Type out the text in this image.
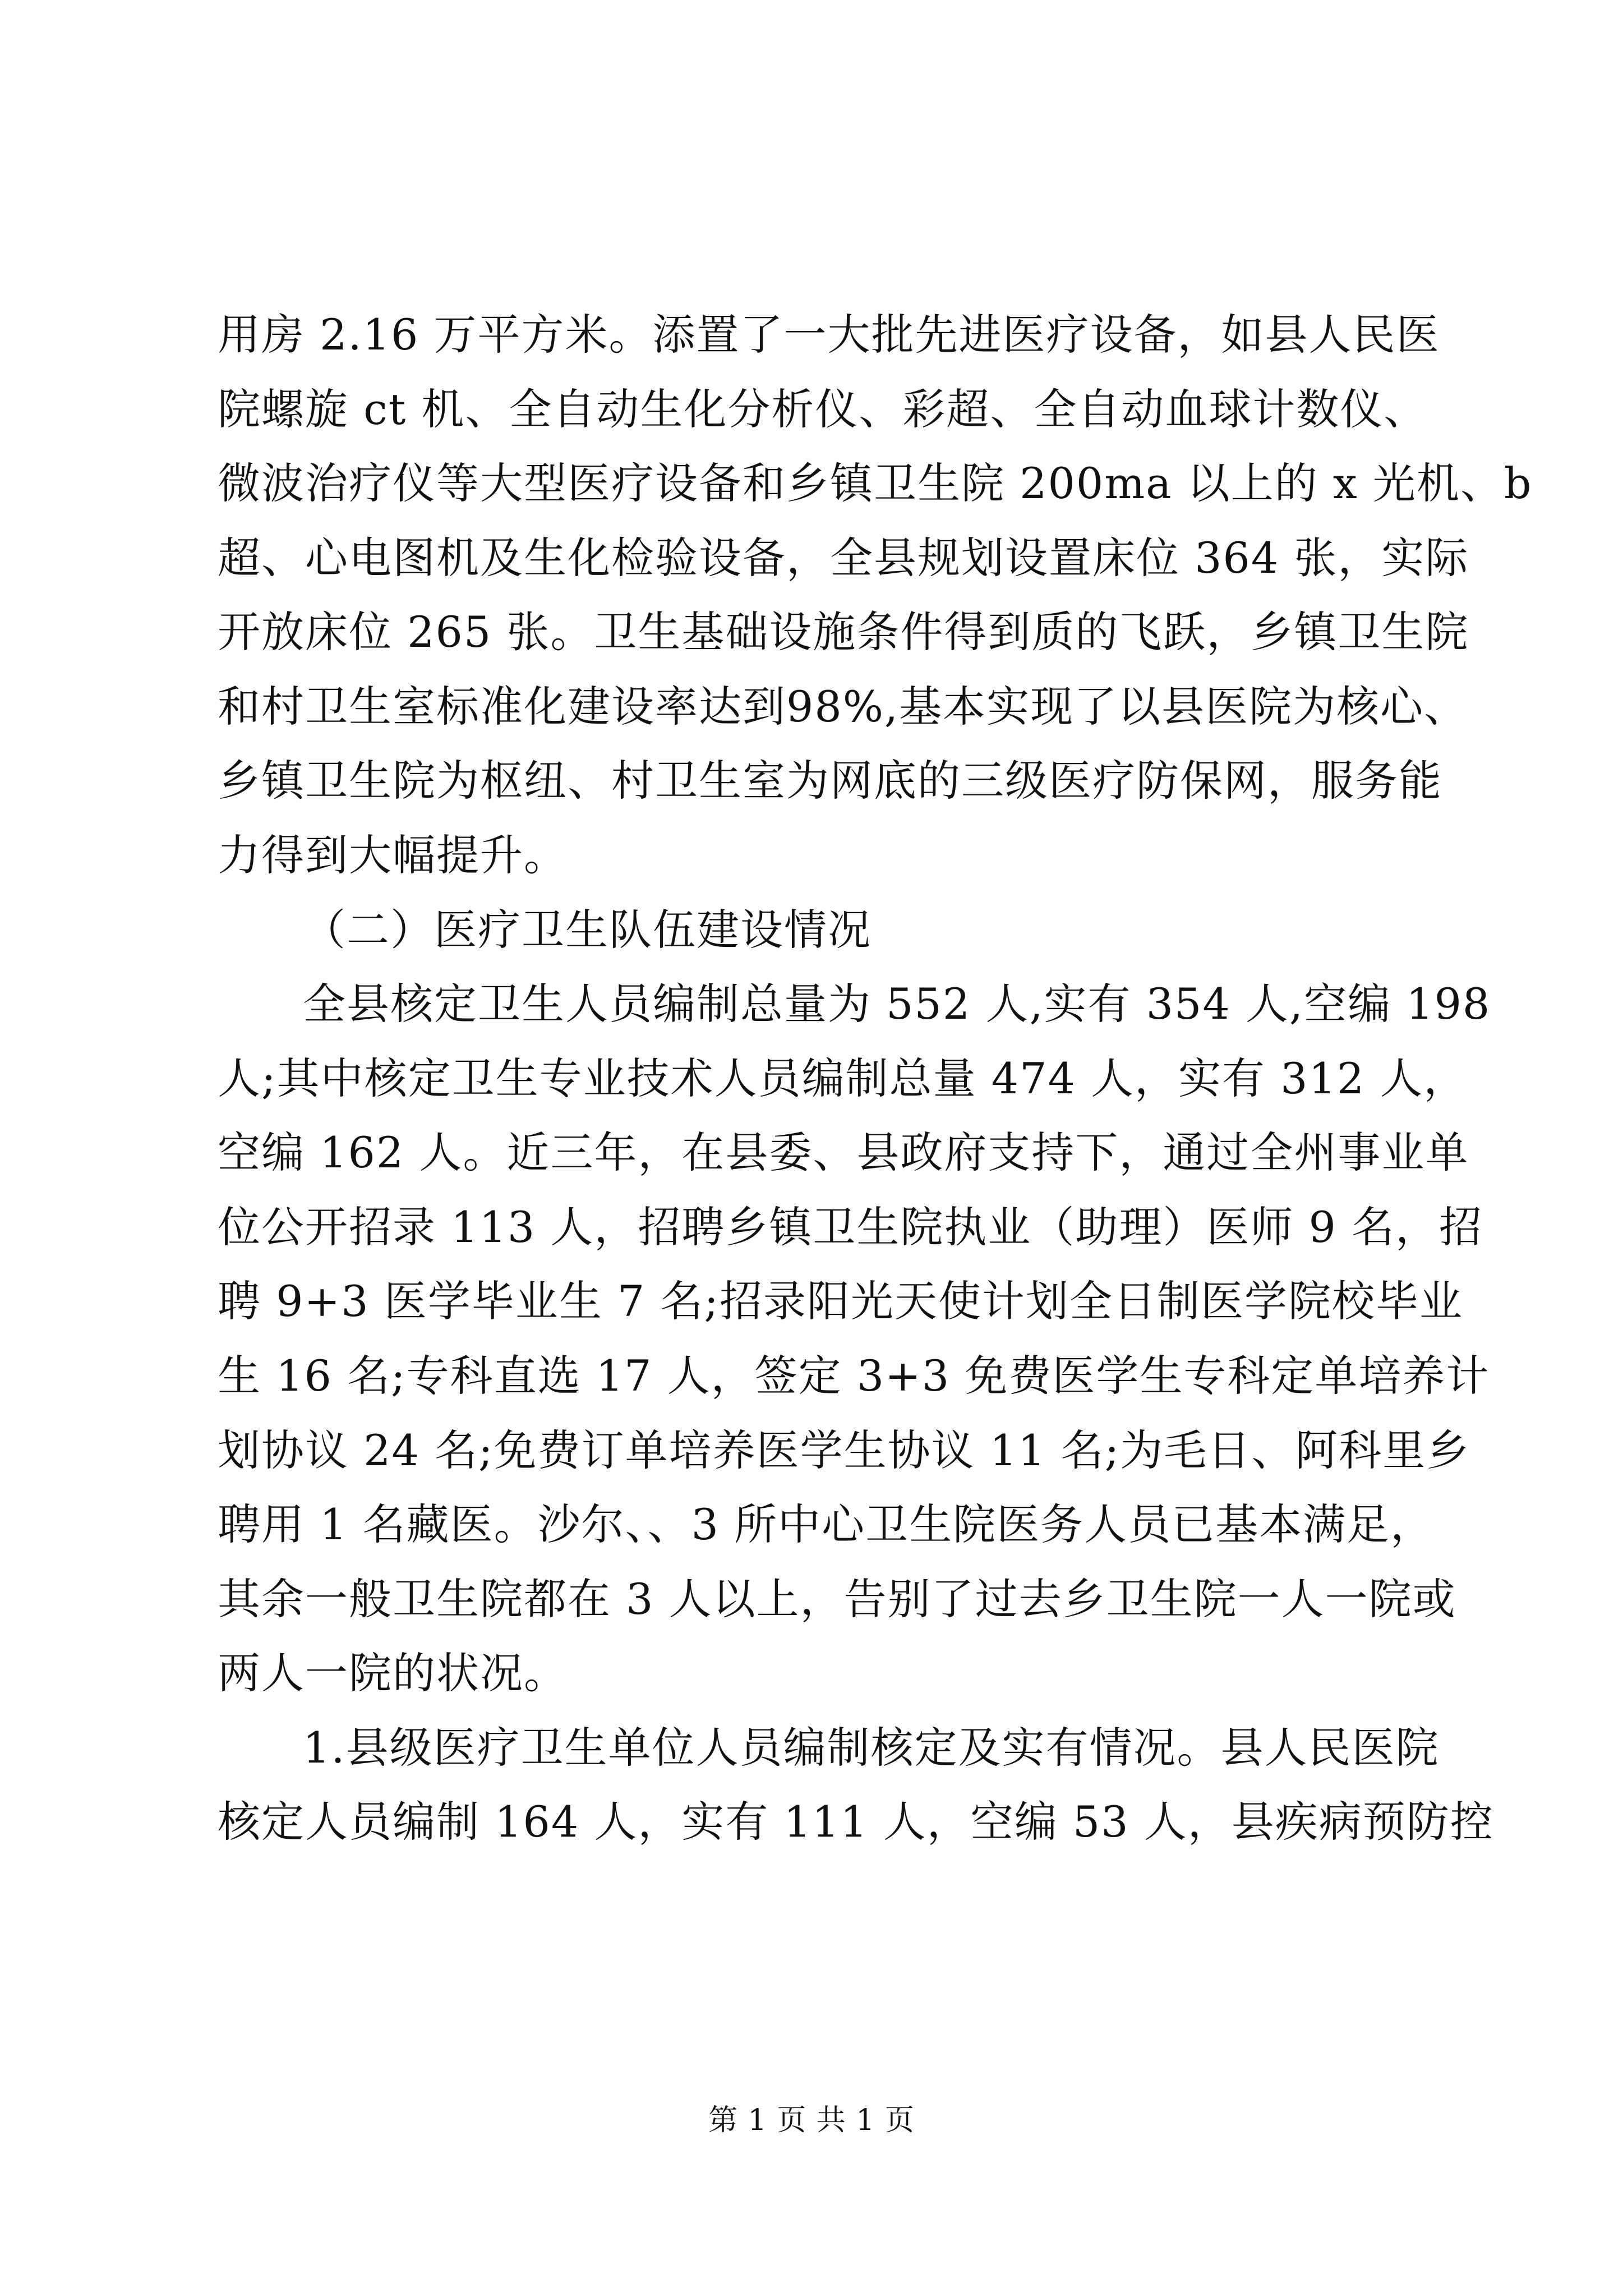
用房 2.16 万平方米。添置了一大批先进医疗设备，如县人民医
院螺旋 ct 机、全自动生化分析仪、彩超、全自动血球计数仪、
微波治疗仪等大型医疗设备和乡镇卫生院 200ma 以上的 x 光机、b
超、心电图机及生化检验设备，全县规划设置床位 364 张，实际
开放床位 265 张。卫生基础设施条件得到质的飞跃，乡镇卫生院
和村卫生室标准化建设率达到98%,基本实现了以县医院为核心、
乡镇卫生院为枢纽、村卫生室为网底的三级医疗防保网，服务能
力得到大幅提升。
（二）医疗卫生队伍建设情况
全县核定卫生人员编制总量为 552 人,实有 354 人,空编 198
人;其中核定卫生专业技术人员编制总量 474 人，实有 312 人，
空编 162 人。近三年，在县委、县政府支持下，通过全州事业单
位公开招录 113 人，招聘乡镇卫生院执业（助理）医师 9 名，招
聘 9+3 医学毕业生 7 名;招录阳光天使计划全日制医学院校毕业
生 16 名;专科直选 17 人，签定 3+3 免费医学生专科定单培养计
划协议 24 名;免费订单培养医学生协议 11 名;为毛日、阿科里乡
聘用 1 名藏医。沙尔、、3 所中心卫生院医务人员已基本满足，
其余一般卫生院都在 3 人以上，告别了过去乡卫生院一人一院或
两人一院的状况。
1.县级医疗卫生单位人员编制核定及实有情况。县人民医院
核定人员编制 164 人，实有 111 人，空编 53 人，县疾病预防控
第 1 页 共 1 页
